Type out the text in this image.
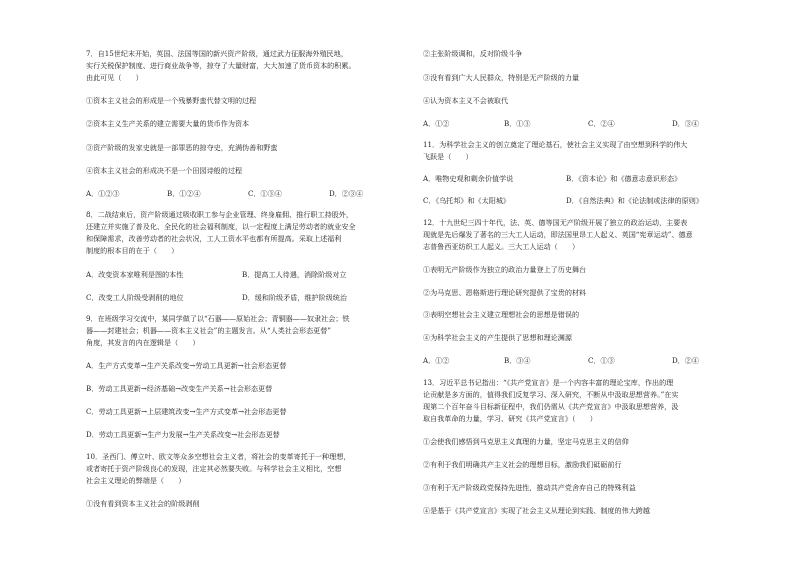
7．自15世纪末开始，英国、法国等国的新兴资产阶级，通过武力征服海外殖民地，
实行关税保护制度、进行商业战争等，掠夺了大量财富，大大加速了货币资本的积累。
由此可见（　　）
①资本主义社会的形成是一个残暴野蛮代替文明的过程
②资本主义生产关系的建立需要大量的货币作为资本
③资产阶级的发家史就是一部罪恶的掠夺史，充满伪善和野蛮
④资本主义社会的形成决不是一个田园诗般的过程
A．①②③	B．①②④	C．①③④	D．②③④
8．二战结束后，资产阶级通过吸收职工参与企业管理、终身雇佣、推行职工持股外，
还建立并实施了普及化、全民化的社会福利制度，以一定程度上满足劳动者的就业安全
和保障需求，改善劳动者的社会状况，工人工资水平也都有所提高。采取上述福利
制度的根本目的在于（　　）
A．改变资本家唯利是图的本性	B．提高工人待遇，消除阶级对立
C．改变工人阶级受剥削的地位	D．缓和阶级矛盾，维护阶级统治
9．在班级学习交流中，某同学做了以“石器——原始社会；青铜器——奴隶社会；铁
器——封建社会；机器——资本主义社会”的主题发言。从“人类社会形态更替”
角度，其发言的内在逻辑是（　　）
A．生产方式变革→生产关系改变→劳动工具更新→社会形态更替
B．劳动工具更新→经济基础→改变生产关系→社会形态更替
C．劳动工具更新→上层建筑改变→生产方式变革→社会形态更替
D．劳动工具更新→生产力发展→生产关系改变→社会形态更替
10．圣西门、傅立叶、欧文等众多空想社会主义者，将社会的变革寄托于一种理想，
或者寄托于资产阶级良心的发现，注定其必然要失败。与科学社会主义相比，空想
社会主义理论的弊端是（　　）
①没有看到资本主义社会的阶级剥削
②主张阶级调和，反对阶级斗争
③没有看到广大人民群众，特别是无产阶级的力量
④认为资本主义不会被取代
A．①②	B．①③	C．②④	D．③④
11．为科学社会主义的创立奠定了理论基石，使社会主义实现了由空想到科学的伟大
飞跃是（　　）
A．唯物史观和剩余价值学说	B．《资本论》和《德意志意识形态》
C．《乌托邦》和《太阳城》	D．《自然法典》和《论法制或法律的原则》
12．十九世纪三四十年代，法、英、德等国无产阶级开展了独立的政治运动，主要表
现就是先后爆发了著名的三大工人运动，即法国里昂工人起义、英国“宪章运动”、德意
志普鲁西亚纺织工人起义。三大工人运动（　　）
①表明无产阶级作为独立的政治力量登上了历史舞台
②为马克思、恩格斯进行理论研究提供了宝贵的材料
③表明空想社会主义建立理想社会的思想是错误的
④为科学社会主义的产生提供了思想和理论渊源
A．①②	B．③④	C．①③	D．②④
13．习近平总书记指出：“《共产党宣言》是一个内容丰富的理论宝库，作出的理
论贡献是多方面的，值得我们反复学习、深入研究，不断从中汲取思想营养。”在实
现第二个百年奋斗目标新征程中，我们仍需从《共产党宣言》中汲取思想营养，汲
取自我革命的力量，学习、研究《共产党宣言》（　　）
①会使我们感悟到马克思主义真理的力量，坚定马克思主义的信仰
②有利于我们明确共产主义社会的理想目标，激励我们砥砺前行
③有利于无产阶级政党保持先进性，推动共产党舍弃自己的特殊利益
④是基于《共产党宣言》实现了社会主义从理论到实践、制度的伟大跨越
